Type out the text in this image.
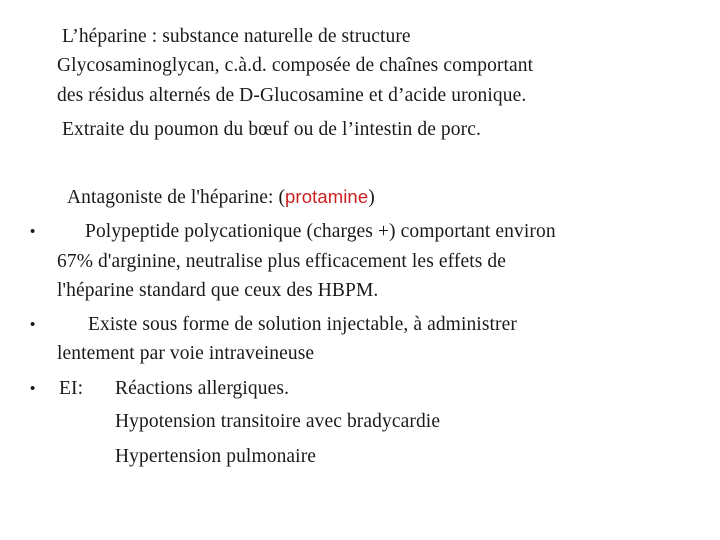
L’héparine : substance naturelle de structure
Glycosaminoglycan, c.à.d. composée de chaînes comportant
des résidus alternés de D-Glucosamine et d’acide uronique.
Extraite du poumon du bœuf ou de l’intestin de porc.
Antagoniste de l'héparine: (protamine)
•	Polypeptide polycationique (charges +) comportant environ
67% d'arginine, neutralise plus efficacement les effets de
l'héparine standard que ceux des HBPM.
•	Existe sous forme de solution injectable, à administrer
lentement par voie intraveineuse
• EI: Réactions allergiques.
Hypotension transitoire avec bradycardie
Hypertension pulmonaire
